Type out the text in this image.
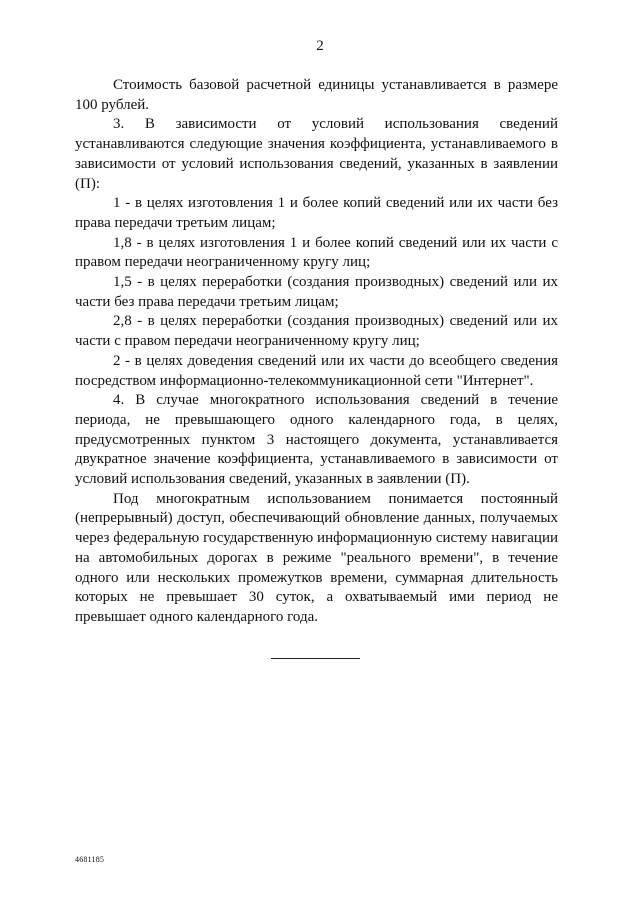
2

Стоимость базовой расчетной единицы устанавливается в размере 100 рублей.

3. В зависимости от условий использования сведений устанавливаются следующие значения коэффициента, устанавливаемого в зависимости от условий использования сведений, указанных в заявлении (П):

1 - в целях изготовления 1 и более копий сведений или их части без права передачи третьим лицам;

1,8 - в целях изготовления 1 и более копий сведений или их части с правом передачи неограниченному кругу лиц;

1,5 - в целях переработки (создания производных) сведений или их части без права передачи третьим лицам;

2,8 - в целях переработки (создания производных) сведений или их части с правом передачи неограниченному кругу лиц;

2 - в целях доведения сведений или их части до всеобщего сведения посредством информационно-телекоммуникационной сети "Интернет".

4. В случае многократного использования сведений в течение периода, не превышающего одного календарного года, в целях, предусмотренных пунктом 3 настоящего документа, устанавливается двукратное значение коэффициента, устанавливаемого в зависимости от условий использования сведений, указанных в заявлении (П).

Под многократным использованием понимается постоянный (непрерывный) доступ, обеспечивающий обновление данных, получаемых через федеральную государственную информационную систему навигации на автомобильных дорогах в режиме "реального времени", в течение одного или нескольких промежутков времени, суммарная длительность которых не превышает 30 суток, а охватываемый ими период не превышает одного календарного года.

4681185
